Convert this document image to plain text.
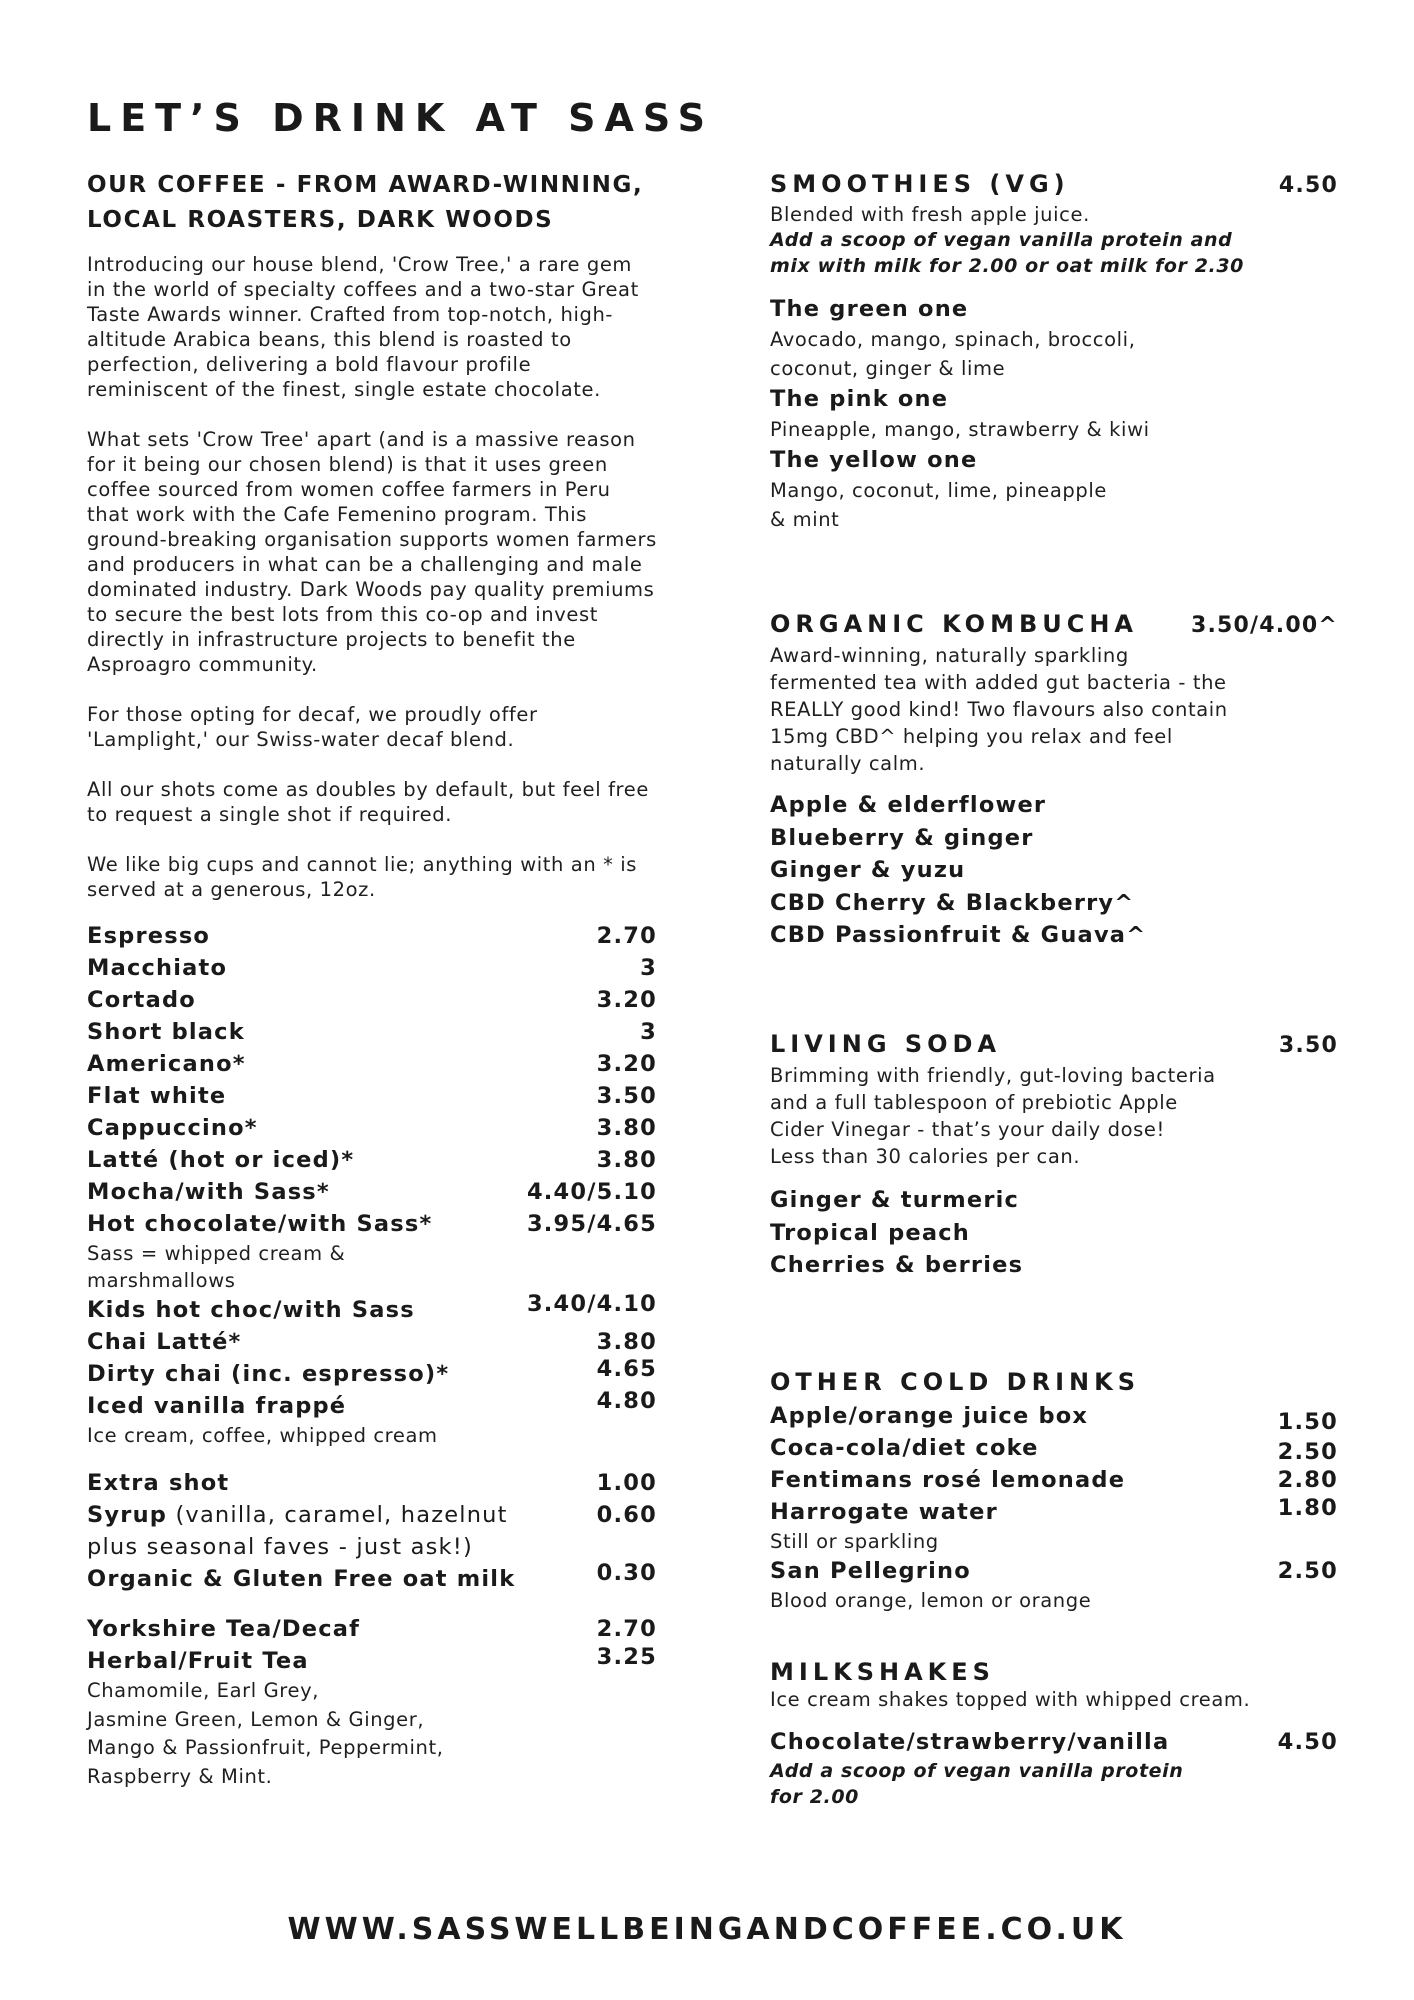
LET’S DRINK AT SASS
OUR COFFEE - FROM AWARD-WINNING, LOCAL ROASTERS, DARK WOODS

Introducing our house blend, 'Crow Tree,' a rare gem in the world of specialty coffees and a two-star Great Taste Awards winner. Crafted from top-notch, high-altitude Arabica beans, this blend is roasted to perfection, delivering a bold flavour profile reminiscent of the finest, single estate chocolate.

What sets 'Crow Tree' apart (and is a massive reason for it being our chosen blend) is that it uses green coffee sourced from women coffee farmers in Peru that work with the Cafe Femenino program. This ground-breaking organisation supports women farmers and producers in what can be a challenging and male dominated industry. Dark Woods pay quality premiums to secure the best lots from this co-op and invest directly in infrastructure projects to benefit the Asproagro community.

For those opting for decaf, we proudly offer 'Lamplight,' our Swiss-water decaf blend.

All our shots come as doubles by default, but feel free to request a single shot if required.

We like big cups and cannot lie; anything with an * is served at a generous, 12oz.

Espresso	2.70
Macchiato	3
Cortado	3.20
Short black	3
Americano*	3.20
Flat white	3.50
Cappuccino*	3.80
Latté (hot or iced)*	3.80
Mocha/with Sass*	4.40/5.10
Hot chocolate/with Sass*	3.95/4.65
Sass = whipped cream & marshmallows
Kids hot choc/with Sass	3.40/4.10
Chai Latté*	3.80
Dirty chai (inc. espresso)*	4.65
Iced vanilla frappé	4.80
Ice cream, coffee, whipped cream
Extra shot	1.00
Syrup (vanilla, caramel, hazelnut plus seasonal faves - just ask!)
0.60
Organic & Gluten Free oat milk	0.30
Yorkshire Tea/Decaf	2.70
Herbal/Fruit Tea	3.25
Chamomile, Earl Grey,
Jasmine Green, Lemon & Ginger,
Mango & Passionfruit, Peppermint,
Raspberry & Mint.
SMOOTHIES (VG)	4.50
Blended with fresh apple juice.
Add a scoop of vegan vanilla protein and
mix with milk for 2.00 or oat milk for 2.30
The green one
Avocado, mango, spinach, broccoli,
coconut, ginger & lime
The pink one
Pineapple, mango, strawberry & kiwi
The yellow one
Mango, coconut, lime, pineapple
& mint
ORGANIC KOMBUCHA 3.50/4.00^
Award-winning, naturally sparkling
fermented tea with added gut bacteria - the
REALLY good kind! Two flavours also contain
15mg CBD^ helping you relax and feel
naturally calm.
Apple & elderflower
Blueberry & ginger
Ginger & yuzu
CBD Cherry & Blackberry^
CBD Passionfruit & Guava^
LIVING SODA	3.50
Brimming with friendly, gut-loving bacteria
and a full tablespoon of prebiotic Apple
Cider Vinegar - that’s your daily dose!
Less than 30 calories per can.
Ginger & turmeric
Tropical peach
Cherries & berries
OTHER COLD DRINKS
Apple/orange juice box	1.50
Coca-cola/diet coke	2.50
Fentimans rosé lemonade	2.80
Harrogate water	1.80
Still or sparkling
San Pellegrino	2.50
Blood orange, lemon or orange
MILKSHAKES
Ice cream shakes topped with whipped cream.
Chocolate/strawberry/vanilla	4.50
Add a scoop of vegan vanilla protein
for 2.00
WWW.SASSWELLBEINGANDCOFFEE.CO.UK
